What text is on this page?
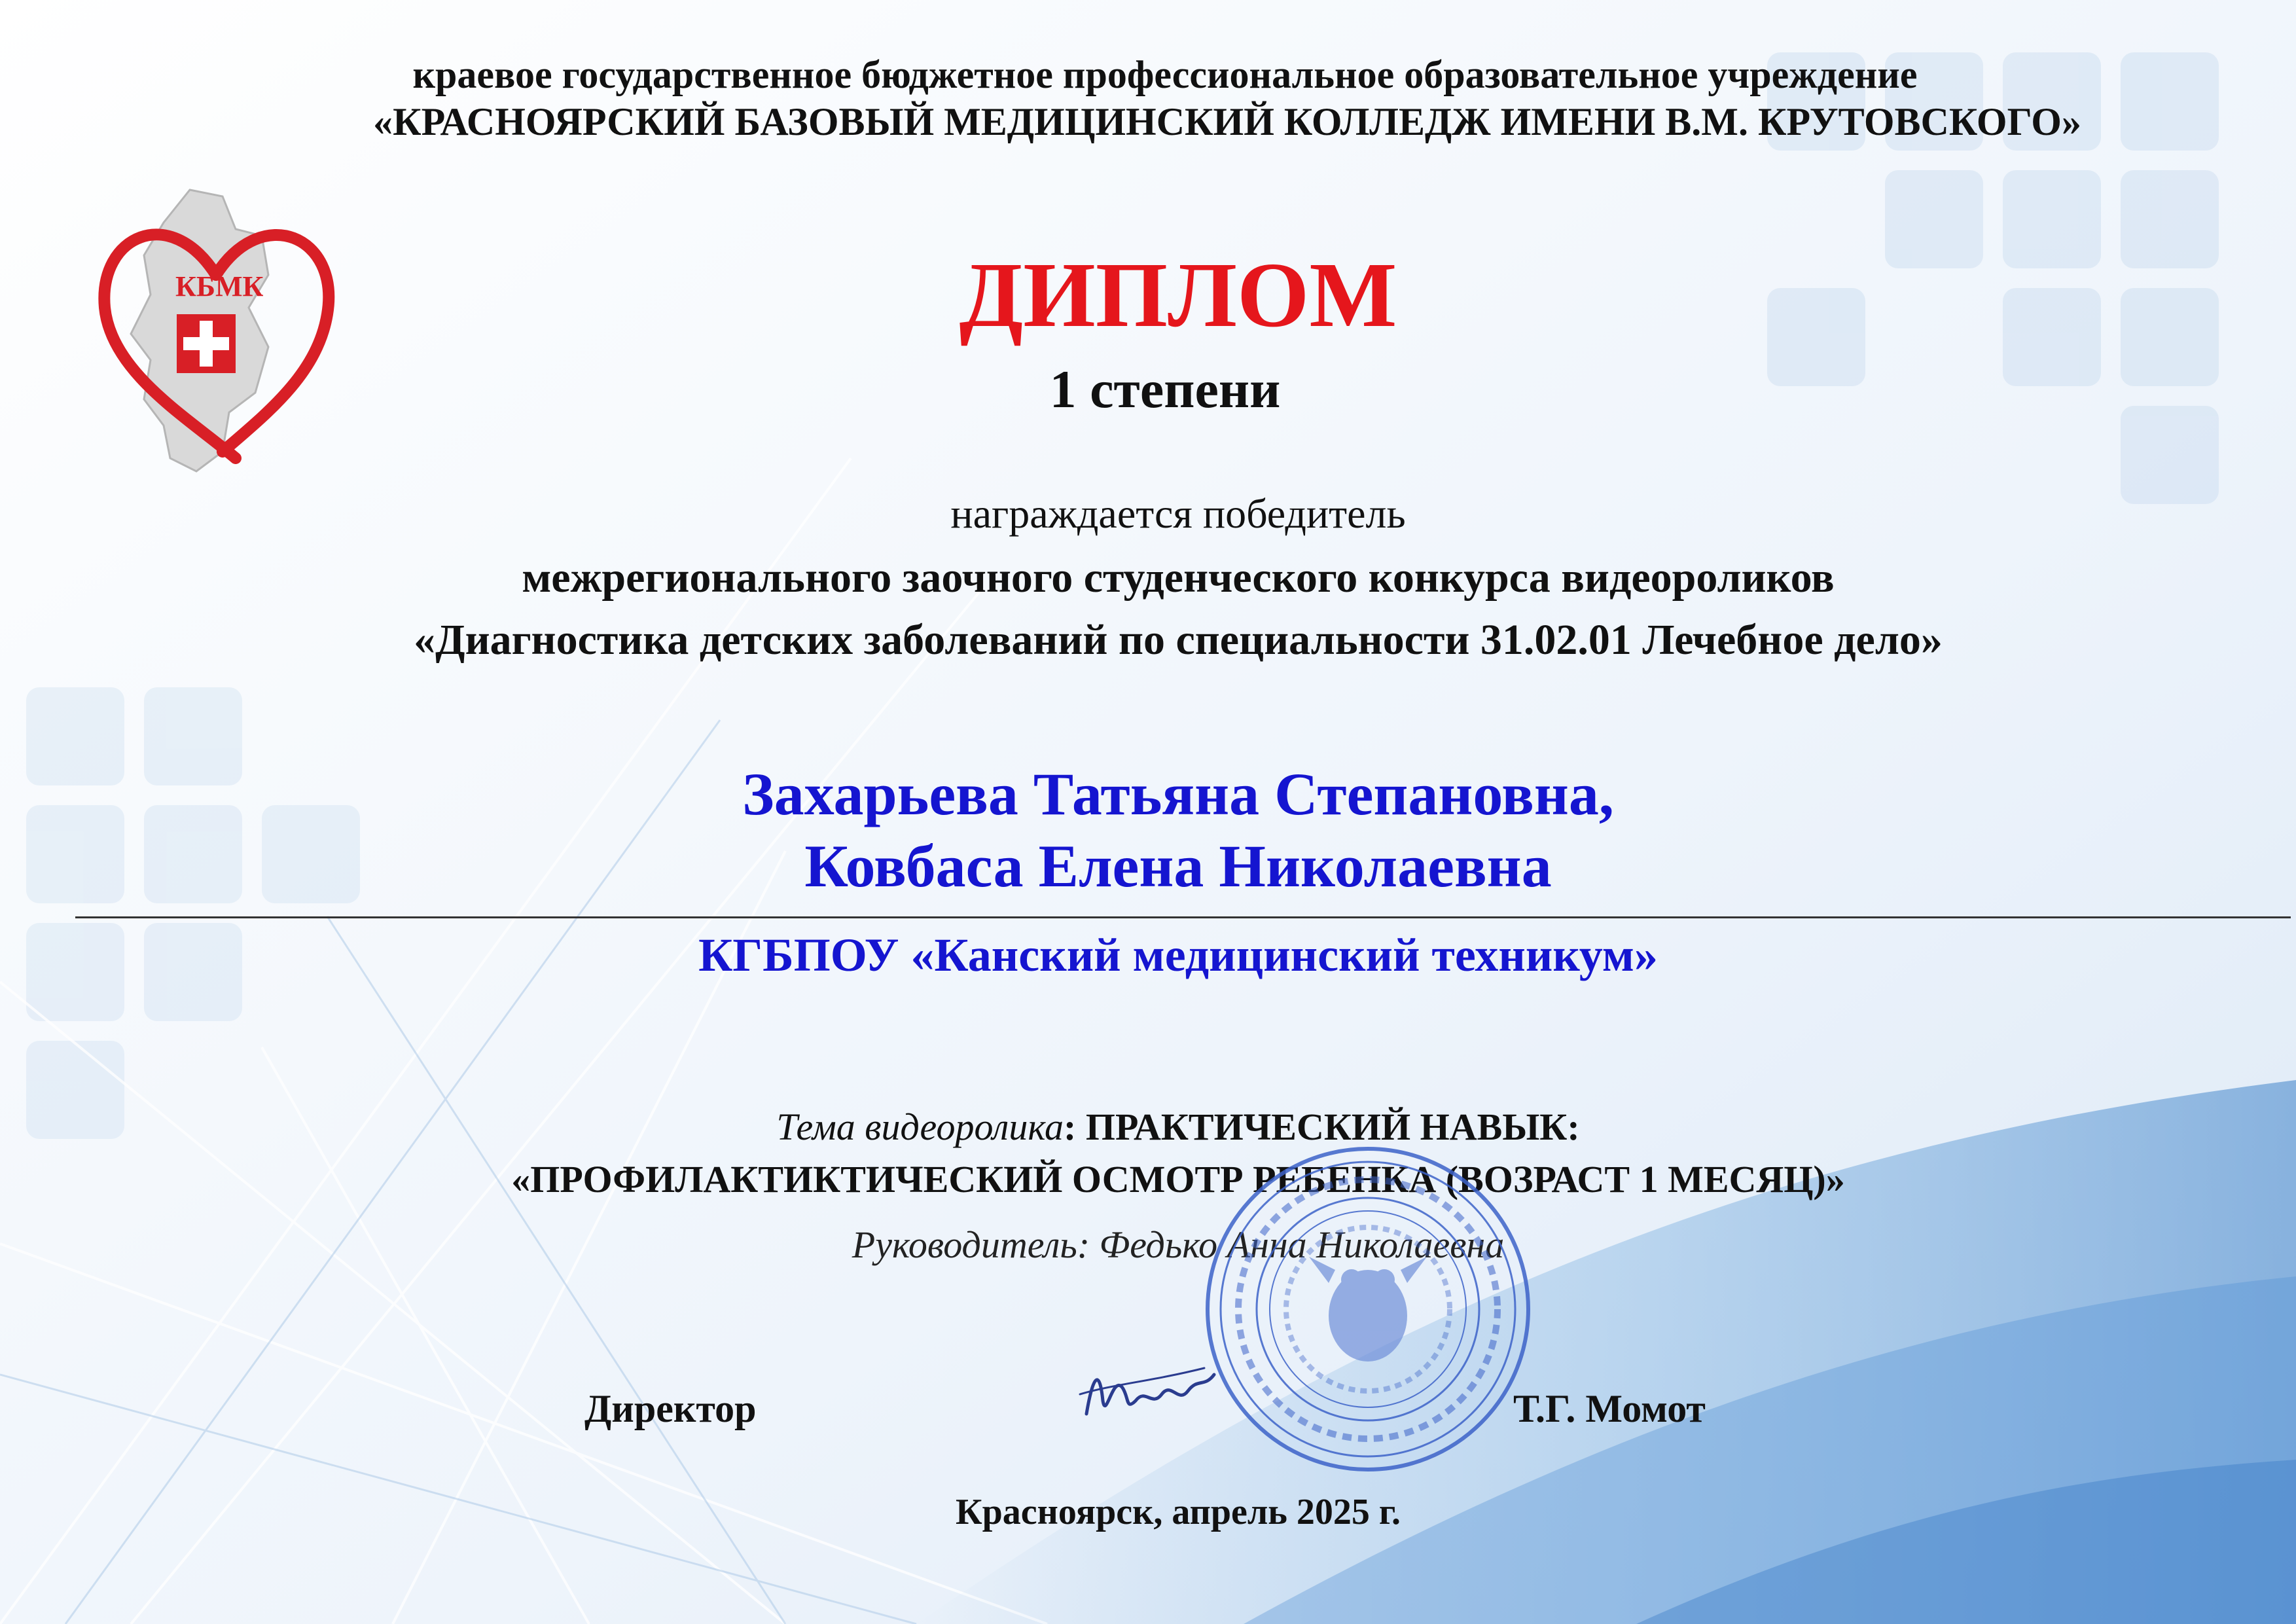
КБМК
краевое государственное бюджетное профессиональное образовательное учреждение
«КРАСНОЯРСКИЙ БАЗОВЫЙ МЕДИЦИНСКИЙ КОЛЛЕДЖ ИМЕНИ В.М. КРУТОВСКОГО»
ДИПЛОМ
1 степени
награждается победитель
межрегионального заочного студенческого конкурса видеороликов
«Диагностика детских заболеваний по специальности 31.02.01 Лечебное дело»
Захарьева Татьяна Степановна,
Ковбаса Елена Николаевна
КГБПОУ «Канский медицинский техникум»
Тема видеоролика: ПРАКТИЧЕСКИЙ НАВЫК:
«ПРОФИЛАКТИКТИЧЕСКИЙ ОСМОТР РЕБЕНКА (ВОЗРАСТ 1 МЕСЯЦ)»
Руководитель: Федько Анна Николаевна
Директор	Т.Г. Момот
Красноярск, апрель 2025 г.
